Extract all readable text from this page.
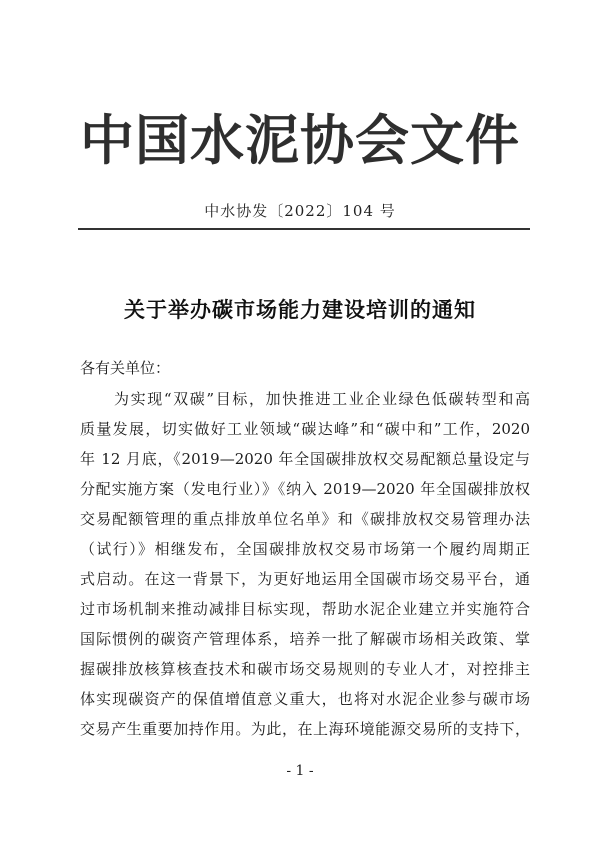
中国水泥协会文件
中水协发〔2022〕104 号
关于举办碳市场能力建设培训的通知
各有关单位：
为实现“双碳”目标，加快推进工业企业绿色低碳转型和高
质量发展，切实做好工业领域“碳达峰”和“碳中和”工作，2020
年 12 月底，《2019—2020 年全国碳排放权交易配额总量设定与
分配实施方案（发电行业）》《纳入 2019—2020 年全国碳排放权
交易配额管理的重点排放单位名单》和《碳排放权交易管理办法
（试行）》相继发布，全国碳排放权交易市场第一个履约周期正
式启动。在这一背景下，为更好地运用全国碳市场交易平台，通
过市场机制来推动减排目标实现，帮助水泥企业建立并实施符合
国际惯例的碳资产管理体系，培养一批了解碳市场相关政策、掌
握碳排放核算核查技术和碳市场交易规则的专业人才，对控排主
体实现碳资产的保值增值意义重大，也将对水泥企业参与碳市场
交易产生重要加持作用。为此，在上海环境能源交易所的支持下，
- 1 -
